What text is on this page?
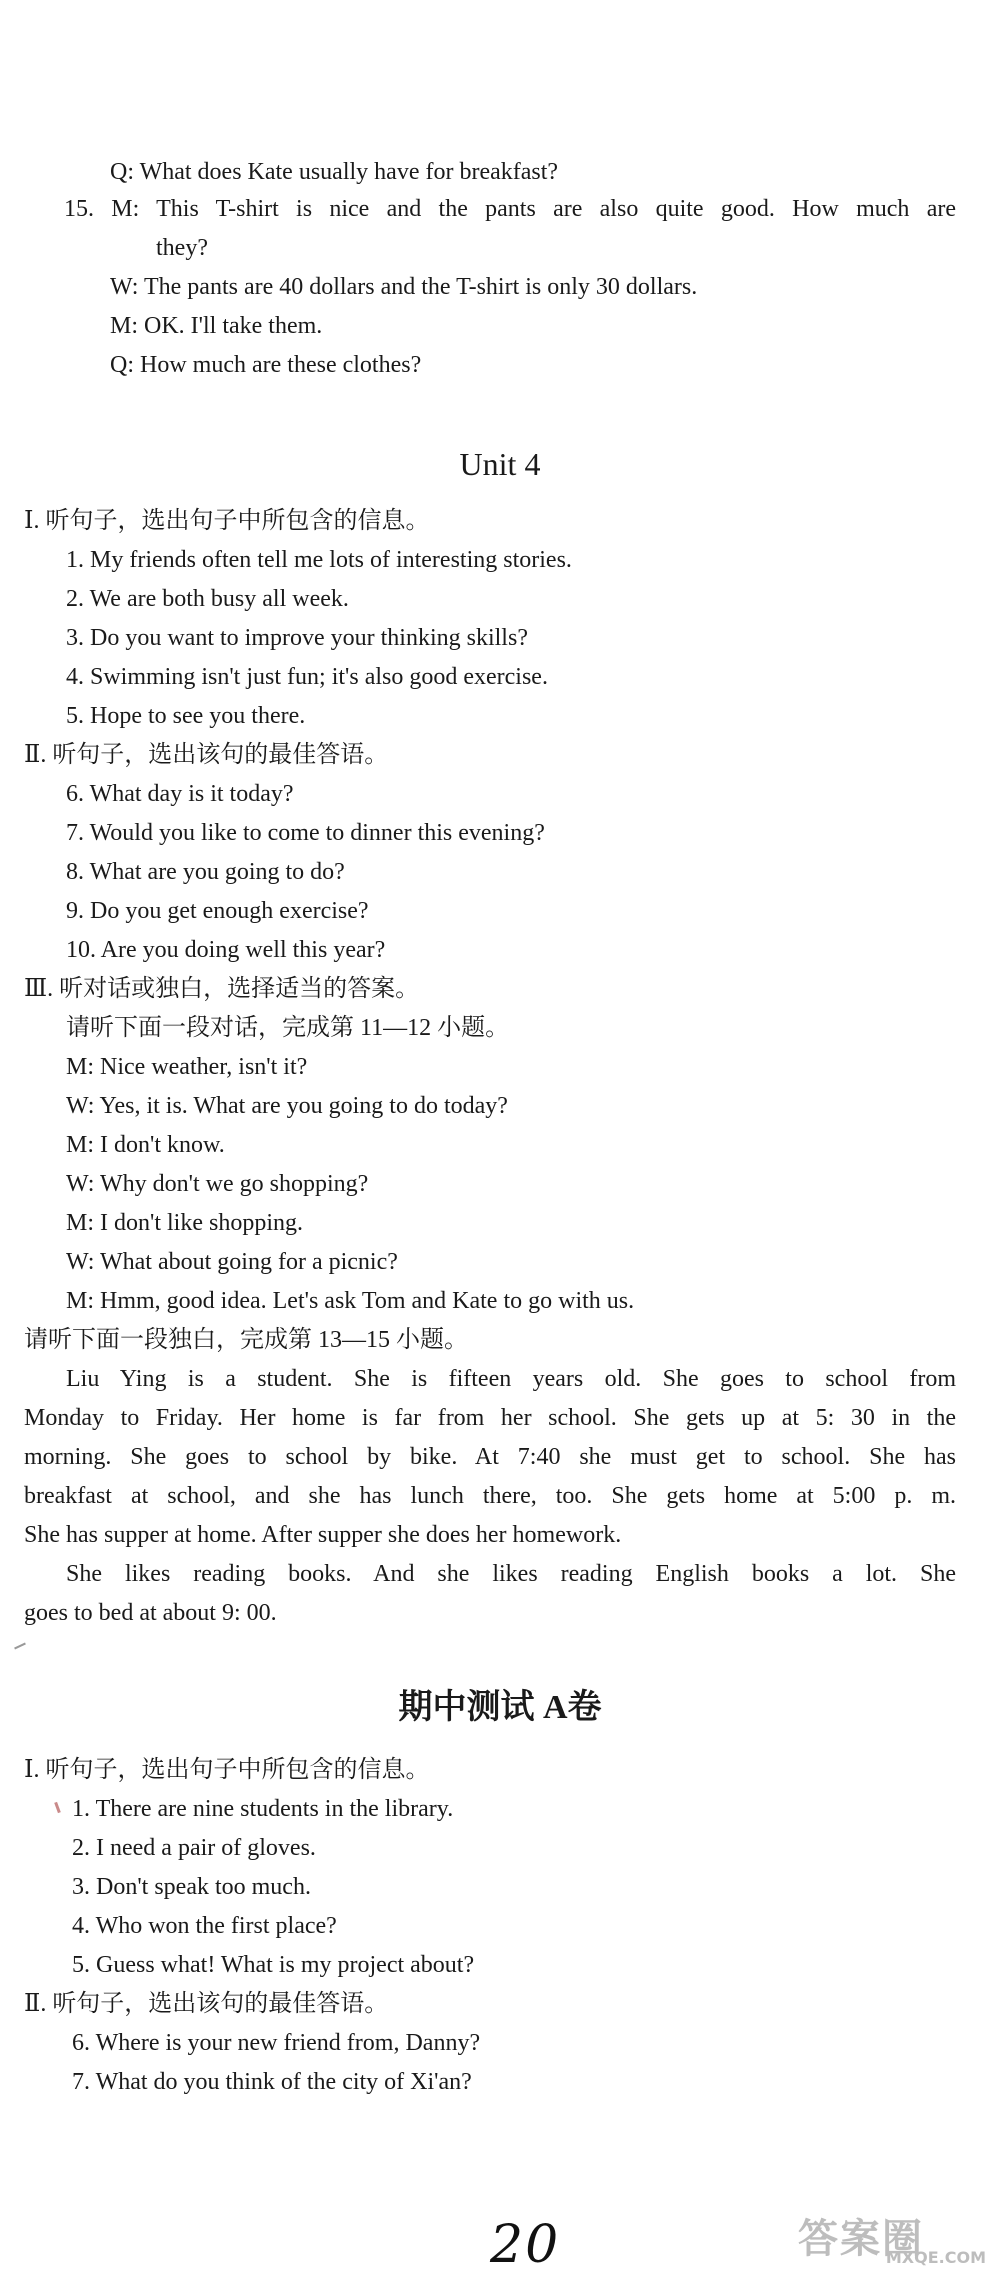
Q: What does Kate usually have for breakfast?
15. M: This T-shirt is nice and the pants are also quite good. How much are
they?
W: The pants are 40 dollars and the T-shirt is only 30 dollars.
M: OK. I'll take them.
Q: How much are these clothes?
Unit 4
Ⅰ. 听句子，选出句子中所包含的信息。
1. My friends often tell me lots of interesting stories.
2. We are both busy all week.
3. Do you want to improve your thinking skills?
4. Swimming isn't just fun; it's also good exercise.
5. Hope to see you there.
Ⅱ. 听句子，选出该句的最佳答语。
6. What day is it today?
7. Would you like to come to dinner this evening?
8. What are you going to do?
9. Do you get enough exercise?
10. Are you doing well this year?
Ⅲ. 听对话或独白，选择适当的答案。
请听下面一段对话，完成第 11—12 小题。
M: Nice weather, isn't it?
W: Yes, it is. What are you going to do today?
M: I don't know.
W: Why don't we go shopping?
M: I don't like shopping.
W: What about going for a picnic?
M: Hmm, good idea. Let's ask Tom and Kate to go with us.
请听下面一段独白，完成第 13—15 小题。
Liu Ying is a student. She is fifteen years old. She goes to school from
Monday to Friday. Her home is far from her school. She gets up at 5: 30 in the
morning. She goes to school by bike. At 7:40 she must get to school. She has
breakfast at school, and she has lunch there, too. She gets home at 5:00 p. m.
She has supper at home. After supper she does her homework.
She likes reading books. And she likes reading English books a lot. She
goes to bed at about 9: 00.
期中测试 A卷
Ⅰ. 听句子，选出句子中所包含的信息。
1. There are nine students in the library.
2. I need a pair of gloves.
3. Don't speak too much.
4. Who won the first place?
5. Guess what! What is my project about?
Ⅱ. 听句子，选出该句的最佳答语。
6. Where is your new friend from, Danny?
7. What do you think of the city of Xi'an?
20	答案圈
MXQE.COM
